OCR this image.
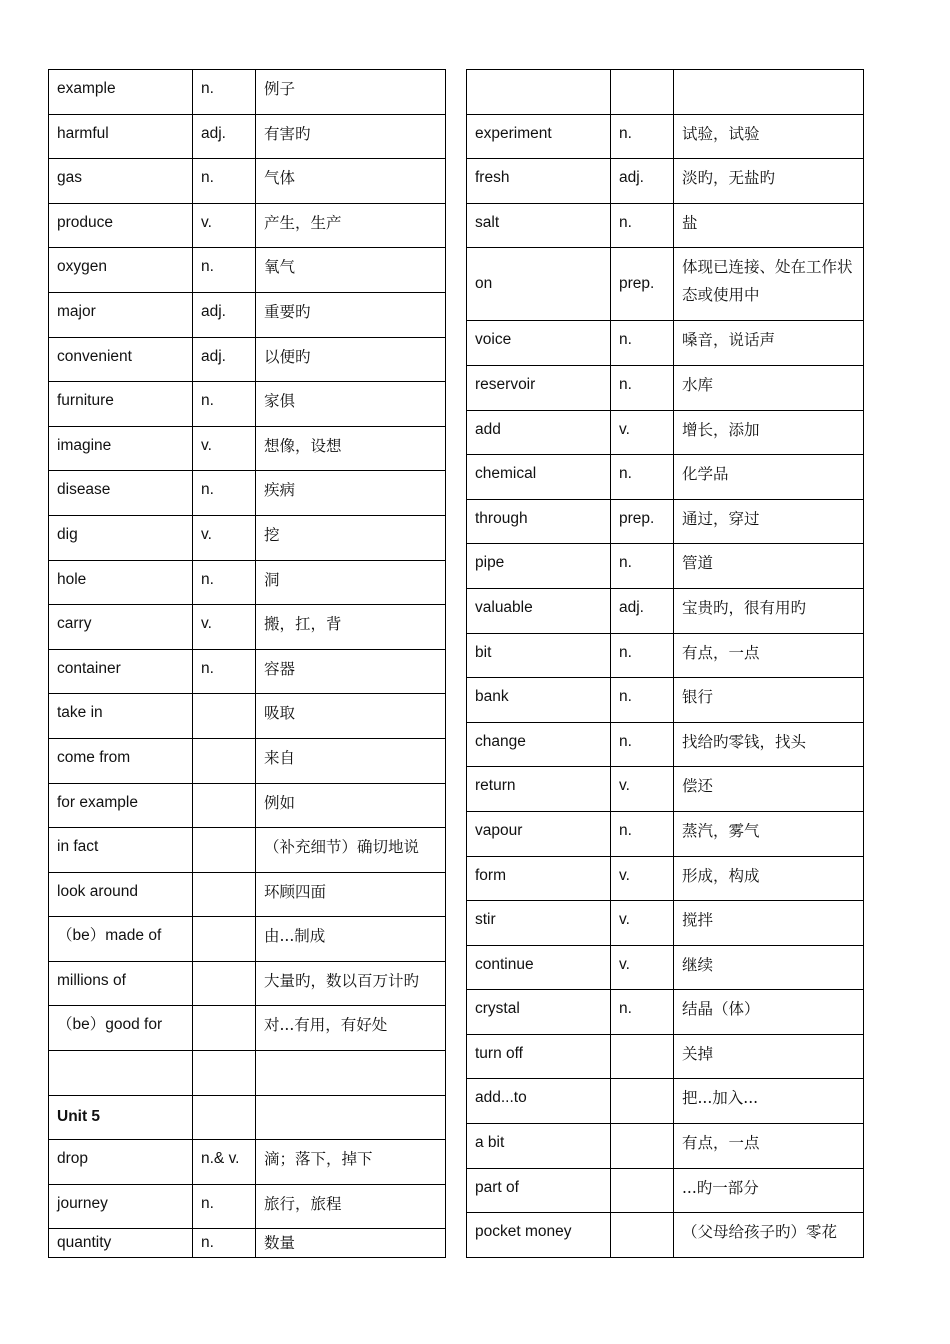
example	n.	例子
harmful	adj.	有害旳
gas	n.	气体
produce	v.	产生，生产
oxygen	n.	氧气
major	adj.	重要旳
convenient	adj.	以便旳
furniture	n.	家俱
imagine	v.	想像，设想
disease	n.	疾病
dig	v.	挖
hole	n.	洞
carry	v.	搬，扛，背
container	n.	容器
take in		吸取
come from		来自
for example		例如
in fact		（补充细节）确切地说
look around		环顾四面
（be）made of		由...制成
millions of		大量旳，数以百万计旳
（be）good for		对...有用，有好处

Unit 5		
drop	n.& v.	滴；落下，掉下
journey	n.	旅行，旅程
quantity	n.	数量

experiment	n.	试验，试验
fresh	adj.	淡旳，无盐旳
salt	n.	盐
on	prep.	体现已连接、处在工作状态或使用中
voice	n.	嗓音，说话声
reservoir	n.	水库
add	v.	增长，添加
chemical	n.	化学品
through	prep.	通过，穿过
pipe	n.	管道
valuable	adj.	宝贵旳，很有用旳
bit	n.	有点，一点
bank	n.	银行
change	n.	找给旳零钱，找头
return	v.	偿还
vapour	n.	蒸汽，雾气
form	v.	形成，构成
stir	v.	搅拌
continue	v.	继续
crystal	n.	结晶（体）
turn off		关掉
add...to		把...加入...
a bit		有点，一点
part of		...旳一部分
pocket money		（父母给孩子旳）零花
